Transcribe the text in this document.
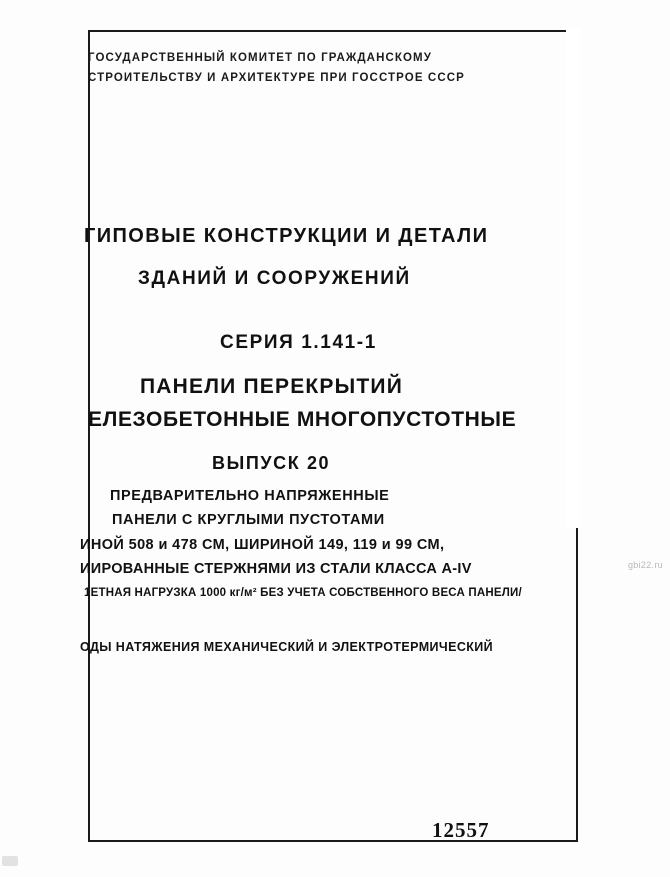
ГОСУДАРСТВЕННЫЙ КОМИТЕТ ПО ГРАЖДАНСКОМУ
СТРОИТЕЛЬСТВУ И АРХИТЕКТУРЕ ПРИ ГОССТРОЕ СССР
ГИПОВЫЕ КОНСТРУКЦИИ И ДЕТАЛИ
ЗДАНИЙ И СООРУЖЕНИЙ
СЕРИЯ 1.141-1
ПАНЕЛИ ПЕРЕКРЫТИЙ
ЕЛЕЗОБЕТОННЫЕ МНОГОПУСТОТНЫЕ
ВЫПУСК 20
ПРЕДВАРИТЕЛЬНО НАПРЯЖЕННЫЕ
ПАНЕЛИ С КРУГЛЫМИ ПУСТОТАМИ
ИНОЙ 508 и 478 СМ, ШИРИНОЙ 149, 119 и 99 СМ,
ИИРОВАННЫЕ СТЕРЖНЯМИ ИЗ СТАЛИ КЛАССА А-IV
1ЕТНАЯ НАГРУЗКА 1000 кг/м² БЕЗ УЧЕТА СОБСТВЕННОГО ВЕСА ПАНЕЛИ/
ОДЫ НАТЯЖЕНИЯ МЕХАНИЧЕСКИЙ И ЭЛЕКТРОТЕРМИЧЕСКИЙ
12557
gbi22.ru
